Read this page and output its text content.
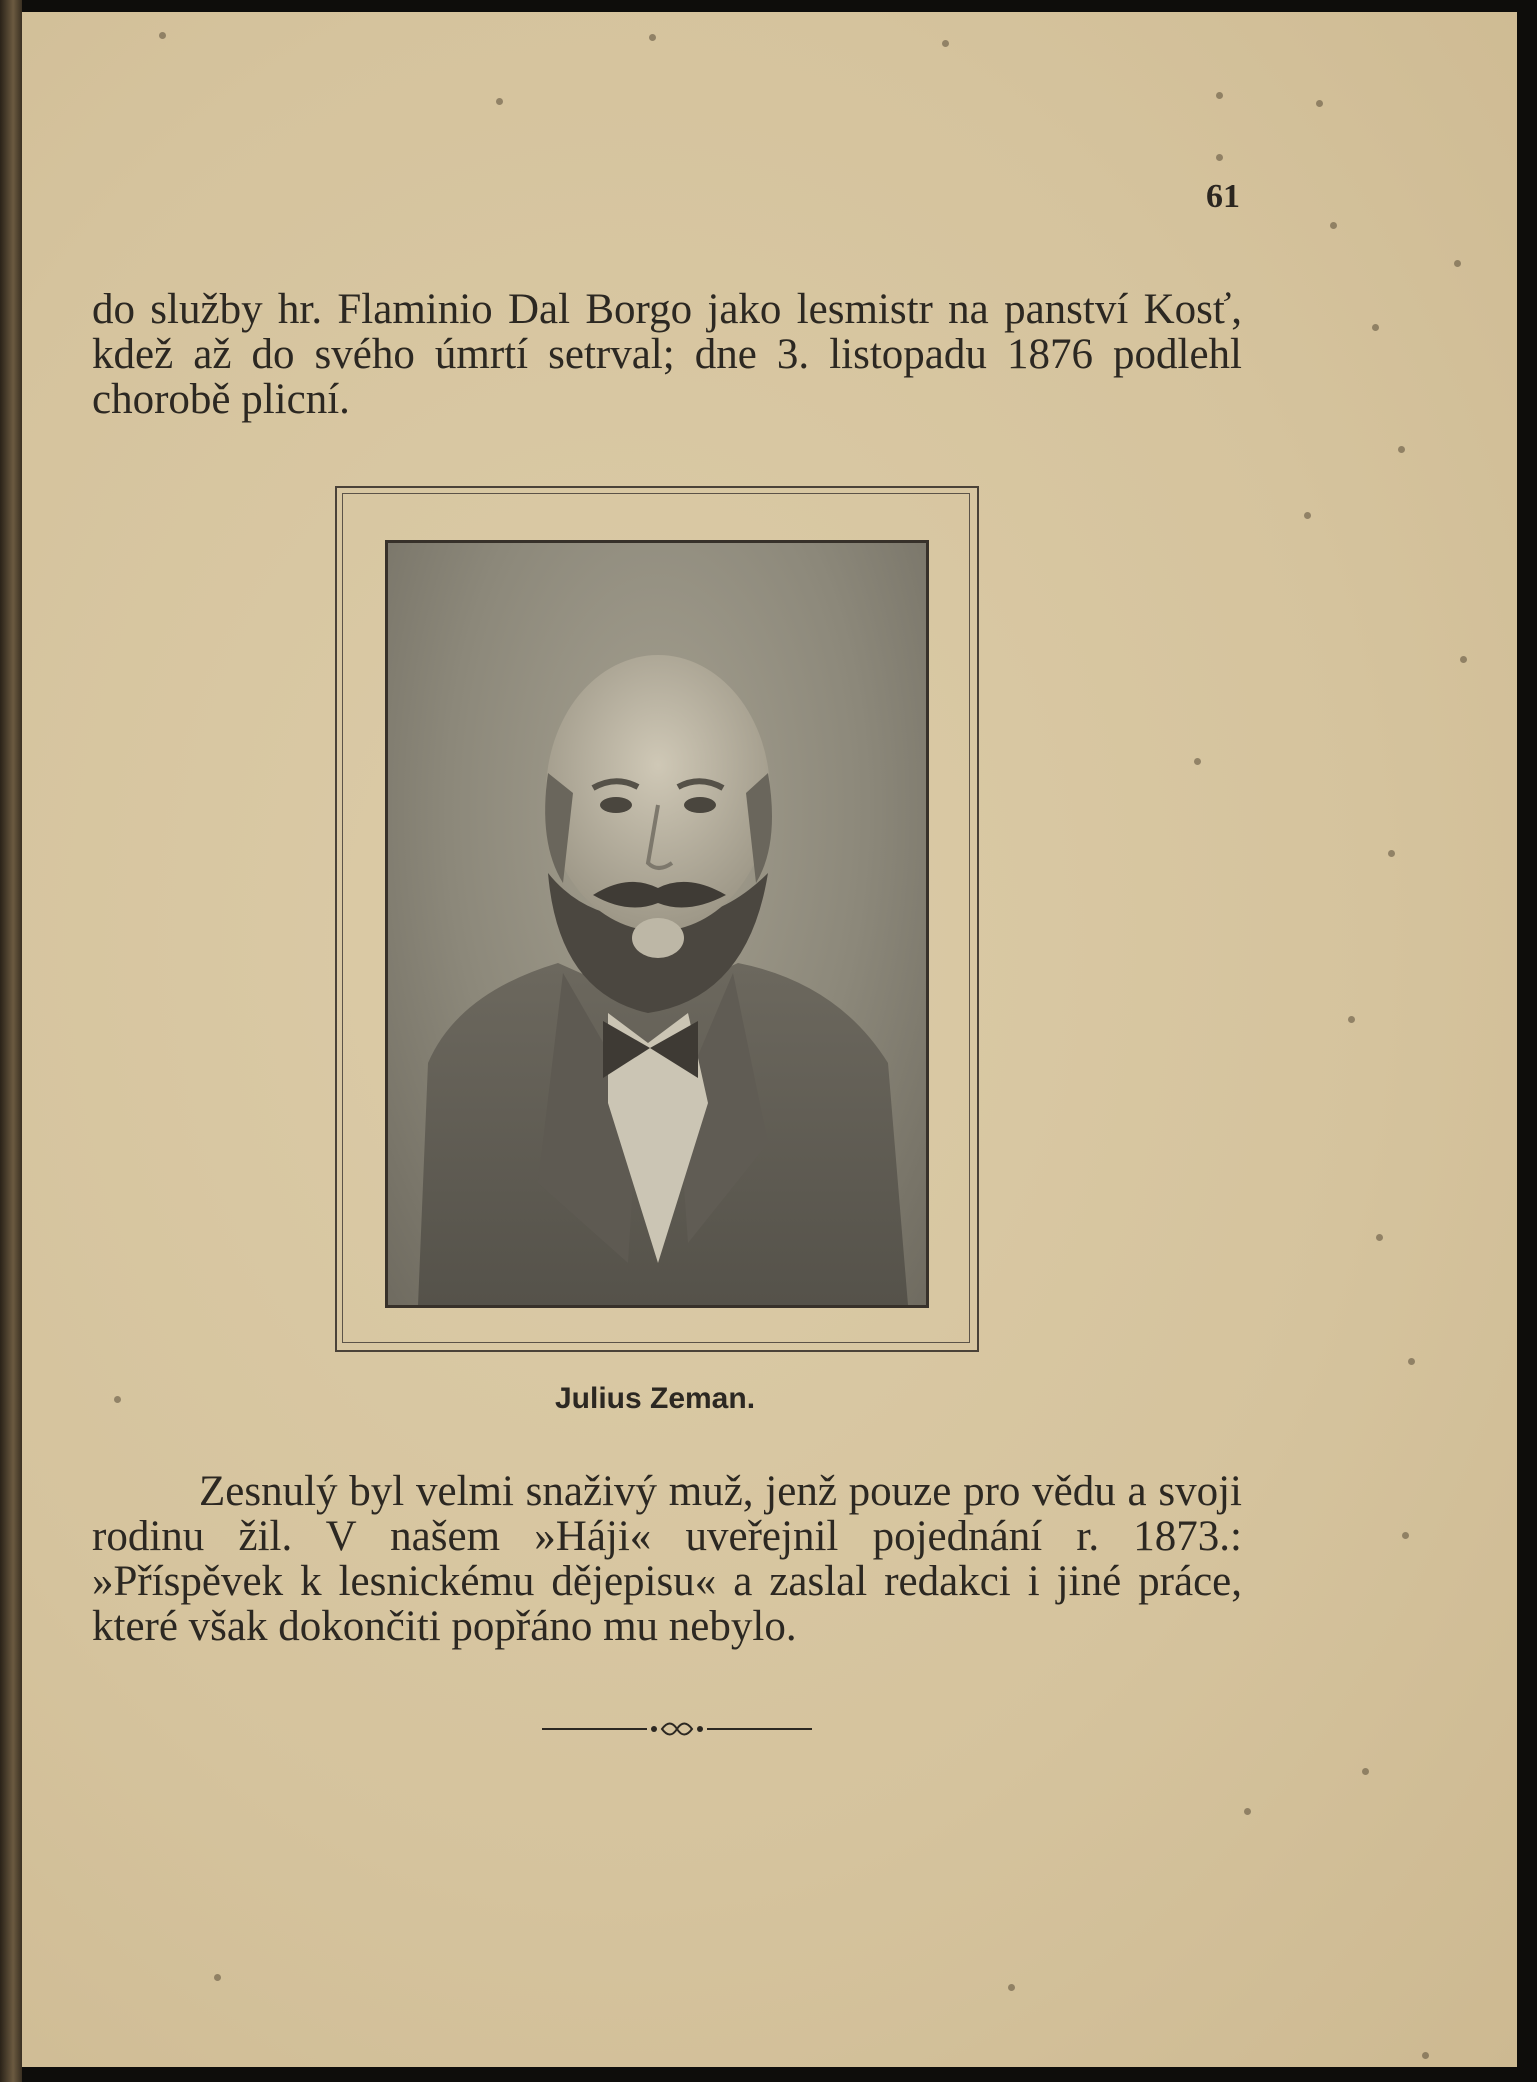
61

do služby hr. Flaminio Dal Borgo jako lesmistr na panství Kosť, kdež až do svého úmrtí setrval; dne 3. listopadu 1876 podlehl chorobě plicní.

Julius Zeman.

Zesnulý byl velmi snaživý muž, jenž pouze pro vědu a svoji rodinu žil. V našem »Háji« uveřejnil pojednání r. 1873.: »Příspěvek k lesnickému dějepisu« a zaslal redakci i jiné práce, které však dokončiti popřáno mu nebylo.
